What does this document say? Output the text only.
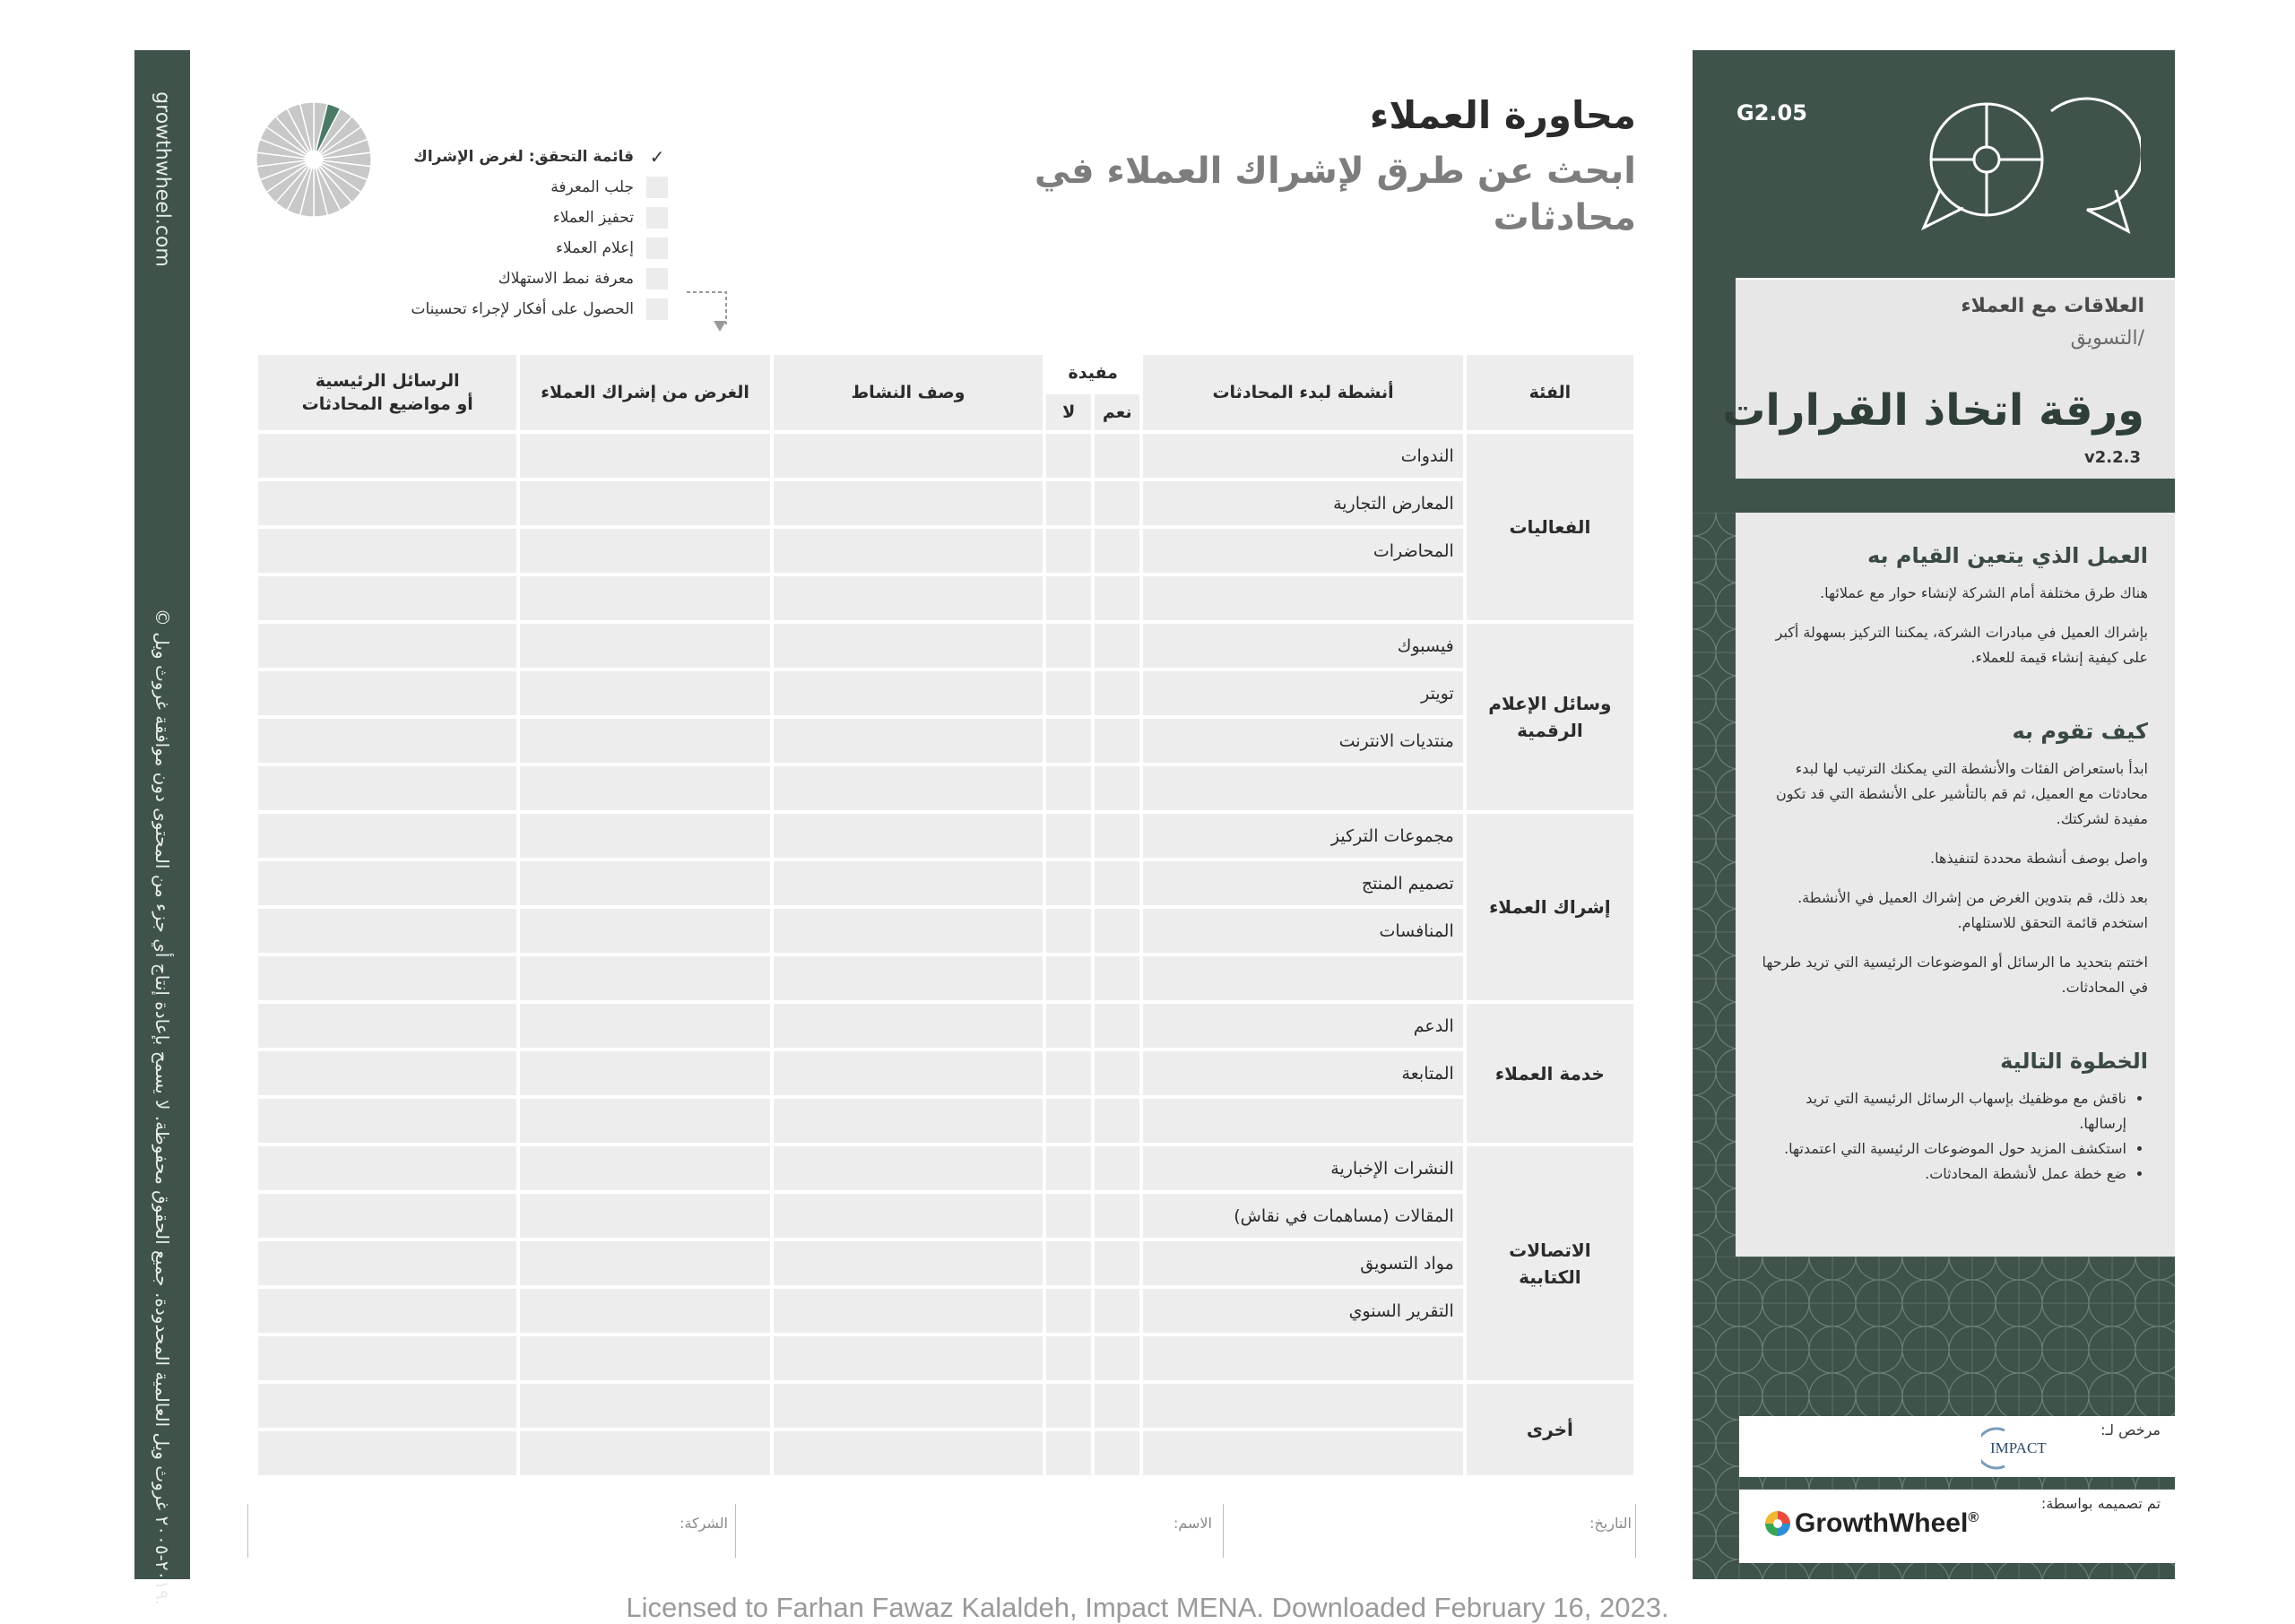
growthwheel.com
© ٢٠١٩-٢٠٠٥ غروث ويل العالمية المحدودة. جميع الحقوق محفوظة. لا يسمح بإعادة إنتاج أي جزء من المحتوى دون موافقة غروث ويل.
محاورة العملاء
ابحث عن طرق لإشراك العملاء في محادثات
✓
قائمة التحقق: لغرض الإشراك
جلب المعرفة
تحفيز العملاء
إعلام العملاء
معرفة نمط الاستهلاك
الحصول على أفكار لإجراء تحسينات
الفئة	أنشطة لبدء المحادثات	مفيدة		وصف النشاط	الغرض من إشراك العملاء	الرسائل الرئيسية
أو مواضيع المحادثات
		نعم	لا			
الفعاليات	الندوات					
	المعارض التجارية					
	المحاضرات					

وسائل الإعلام الرقمية	فيسبوك					
	تويتر					
	منتديات الانترنت					

إشراك العملاء	مجموعات التركيز					
	تصميم المنتج					
	المنافسات					

خدمة العملاء	الدعم					
	المتابعة					

الاتصالات الكتابية	النشرات الإخبارية					
	المقالات (مساهمات في نقاش)					
	مواد التسويق					
	التقرير السنوي					

أخرى						

التاريخ:
الاسم:
الشركة:
G2.05
العلاقات مع العملاء
/التسويق
ورقة اتخاذ القرارات
v2.2.3

العمل الذي يتعين القيام به

هناك طرق مختلفة أمام الشركة لإنشاء حوار مع عملائها.

بإشراك العميل في مبادرات الشركة، يمكننا التركيز بسهولة أكبر على كيفية إنشاء قيمة للعملاء.

كيف تقوم به

ابدأ باستعراض الفئات والأنشطة التي يمكنك الترتيب لها لبدء محادثات مع العميل، ثم قم بالتأشير على الأنشطة التي قد تكون مفيدة لشركتك.

واصل بوصف أنشطة محددة لتنفيذها.

بعد ذلك، قم بتدوين الغرض من إشراك العميل في الأنشطة. استخدم قائمة التحقق للاستلهام.

اختتم بتحديد ما الرسائل أو الموضوعات الرئيسية التي تريد طرحها في المحادثات.

الخطوة التالية

• ناقش مع موظفيك بإسهاب الرسائل الرئيسية التي تريد إرسالها.
• استكشف المزيد حول الموضوعات الرئيسية التي اعتمدتها.
• ضع خطة عمل لأنشطة المحادثات.
مرخص لـ:
IMPACT
تم تصميمه بواسطة:
GrowthWheel®
Licensed to Farhan Fawaz Kalaldeh, Impact MENA. Downloaded February 16, 2023.
